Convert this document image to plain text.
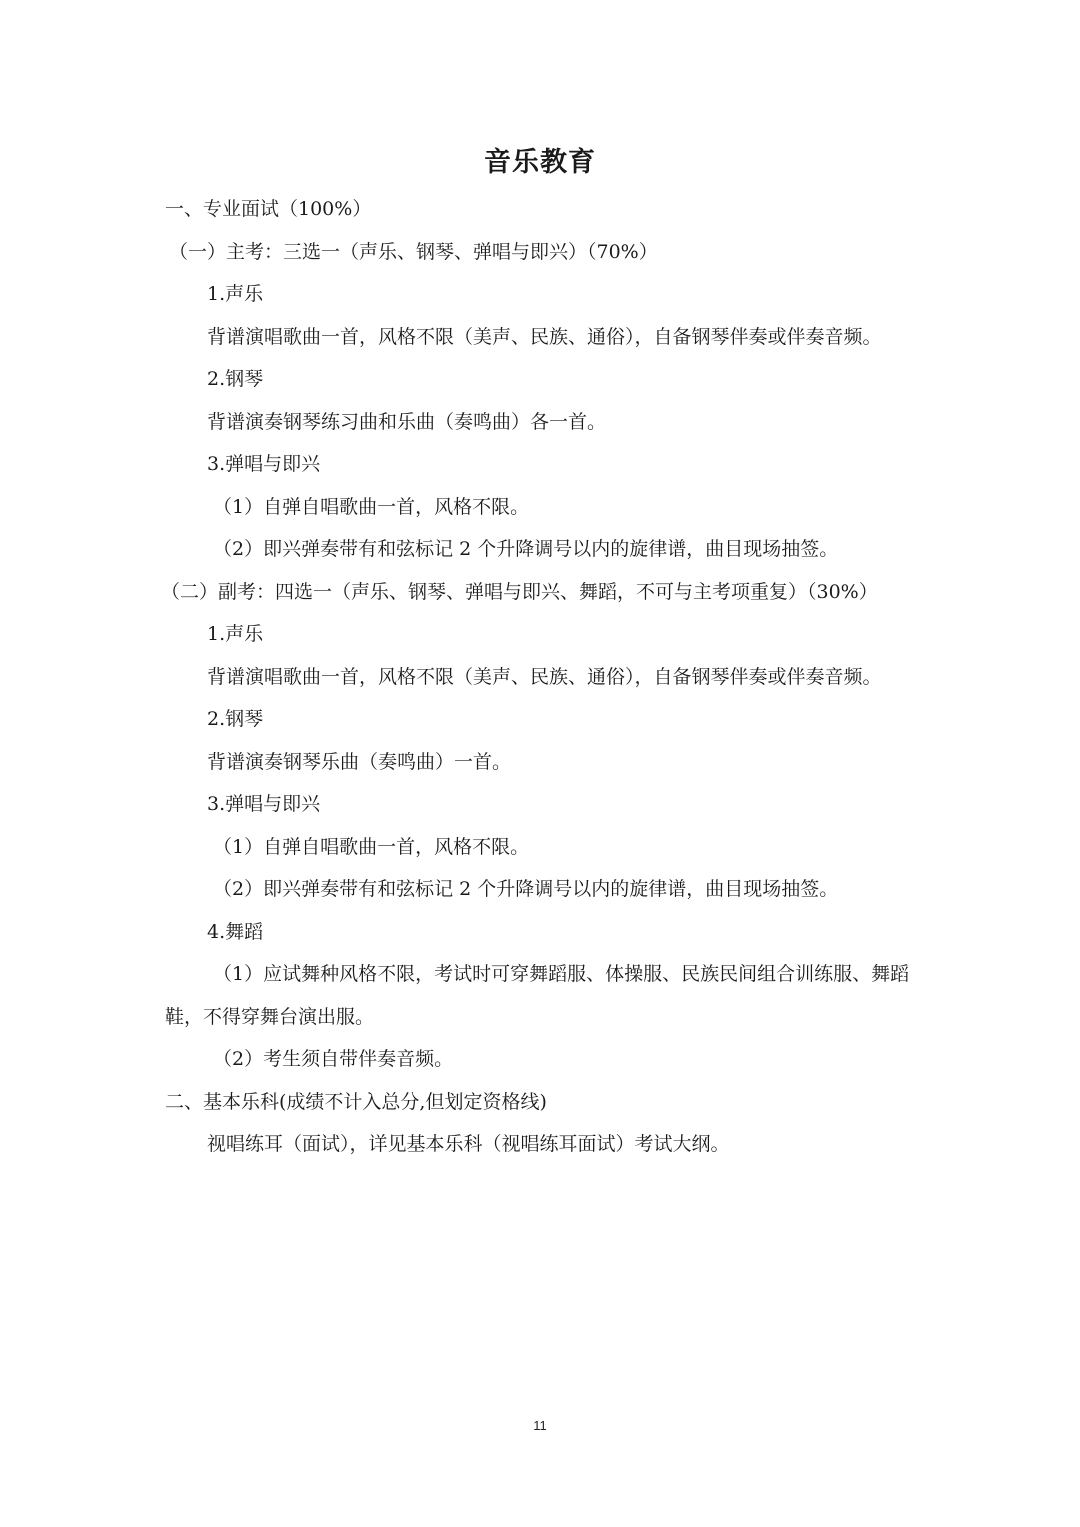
音乐教育
一、专业面试（100%）
（一）主考：三选一（声乐、钢琴、弹唱与即兴）（70%）
1.声乐
背谱演唱歌曲一首，风格不限（美声、民族、通俗），自备钢琴伴奏或伴奏音频。
2.钢琴
背谱演奏钢琴练习曲和乐曲（奏鸣曲）各一首。
3.弹唱与即兴
（1）自弹自唱歌曲一首，风格不限。
（2）即兴弹奏带有和弦标记 2 个升降调号以内的旋律谱，曲目现场抽签。
（二）副考：四选一（声乐、钢琴、弹唱与即兴、舞蹈，不可与主考项重复）（30%）
1.声乐
背谱演唱歌曲一首，风格不限（美声、民族、通俗），自备钢琴伴奏或伴奏音频。
2.钢琴
背谱演奏钢琴乐曲（奏鸣曲）一首。
3.弹唱与即兴
（1）自弹自唱歌曲一首，风格不限。
（2）即兴弹奏带有和弦标记 2 个升降调号以内的旋律谱，曲目现场抽签。
4.舞蹈
（1）应试舞种风格不限，考试时可穿舞蹈服、体操服、民族民间组合训练服、舞蹈鞋，不得穿舞台演出服。
（2）考生须自带伴奏音频。
二、基本乐科(成绩不计入总分,但划定资格线)
视唱练耳（面试），详见基本乐科（视唱练耳面试）考试大纲。
11
